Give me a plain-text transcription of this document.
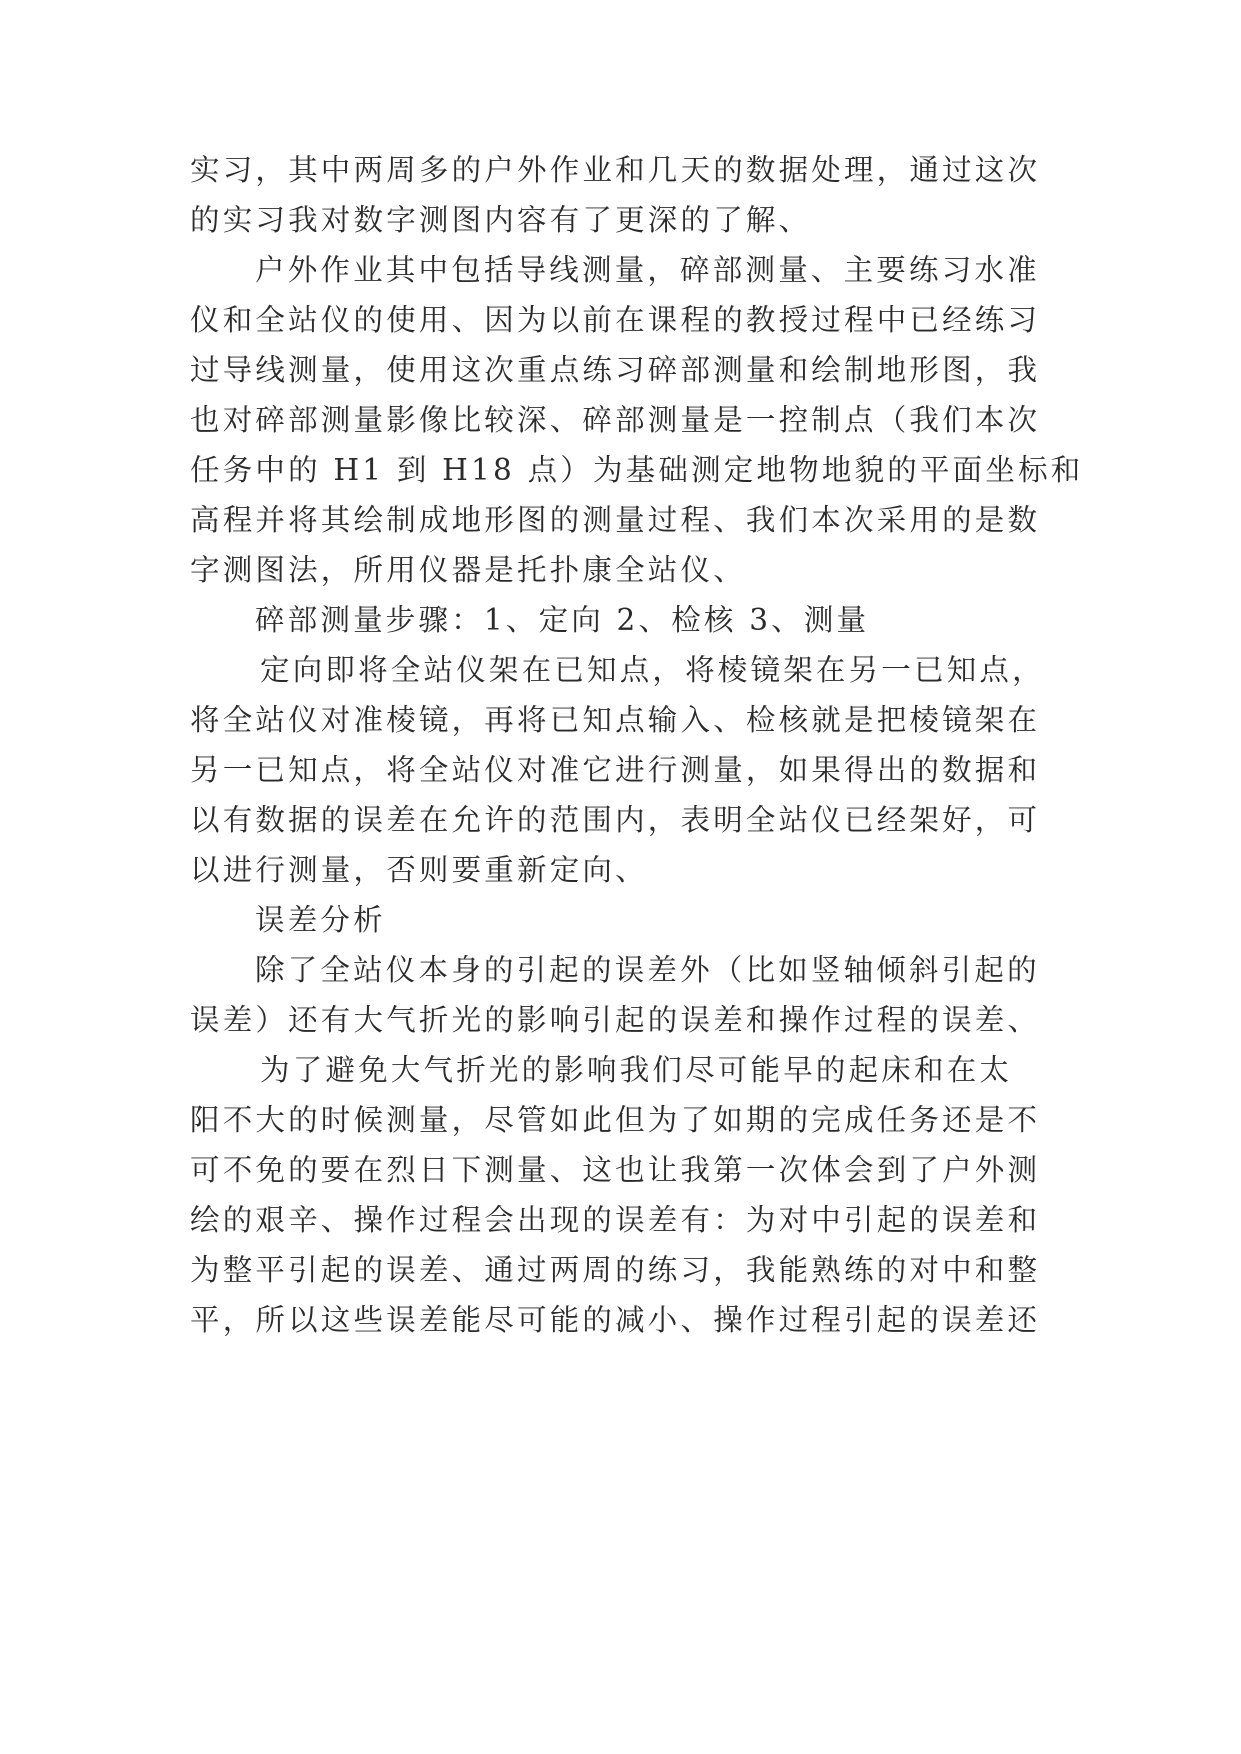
实习，其中两周多的户外作业和几天的数据处理，通过这次
的实习我对数字测图内容有了更深的了解、
户外作业其中包括导线测量，碎部测量、主要练习水准
仪和全站仪的使用、因为以前在课程的教授过程中已经练习
过导线测量，使用这次重点练习碎部测量和绘制地形图，我
也对碎部测量影像比较深、碎部测量是一控制点（我们本次
任务中的 H1 到 H18 点）为基础测定地物地貌的平面坐标和
高程并将其绘制成地形图的测量过程、我们本次采用的是数
字测图法，所用仪器是托扑康全站仪、
碎部测量步骤：1、定向 2、检核 3、测量
定向即将全站仪架在已知点，将棱镜架在另一已知点，
将全站仪对准棱镜，再将已知点输入、检核就是把棱镜架在
另一已知点，将全站仪对准它进行测量，如果得出的数据和
以有数据的误差在允许的范围内，表明全站仪已经架好，可
以进行测量，否则要重新定向、
误差分析
除了全站仪本身的引起的误差外（比如竖轴倾斜引起的
误差）还有大气折光的影响引起的误差和操作过程的误差、
为了避免大气折光的影响我们尽可能早的起床和在太
阳不大的时候测量，尽管如此但为了如期的完成任务还是不
可不免的要在烈日下测量、这也让我第一次体会到了户外测
绘的艰辛、操作过程会出现的误差有：为对中引起的误差和
为整平引起的误差、通过两周的练习，我能熟练的对中和整
平，所以这些误差能尽可能的减小、操作过程引起的误差还
